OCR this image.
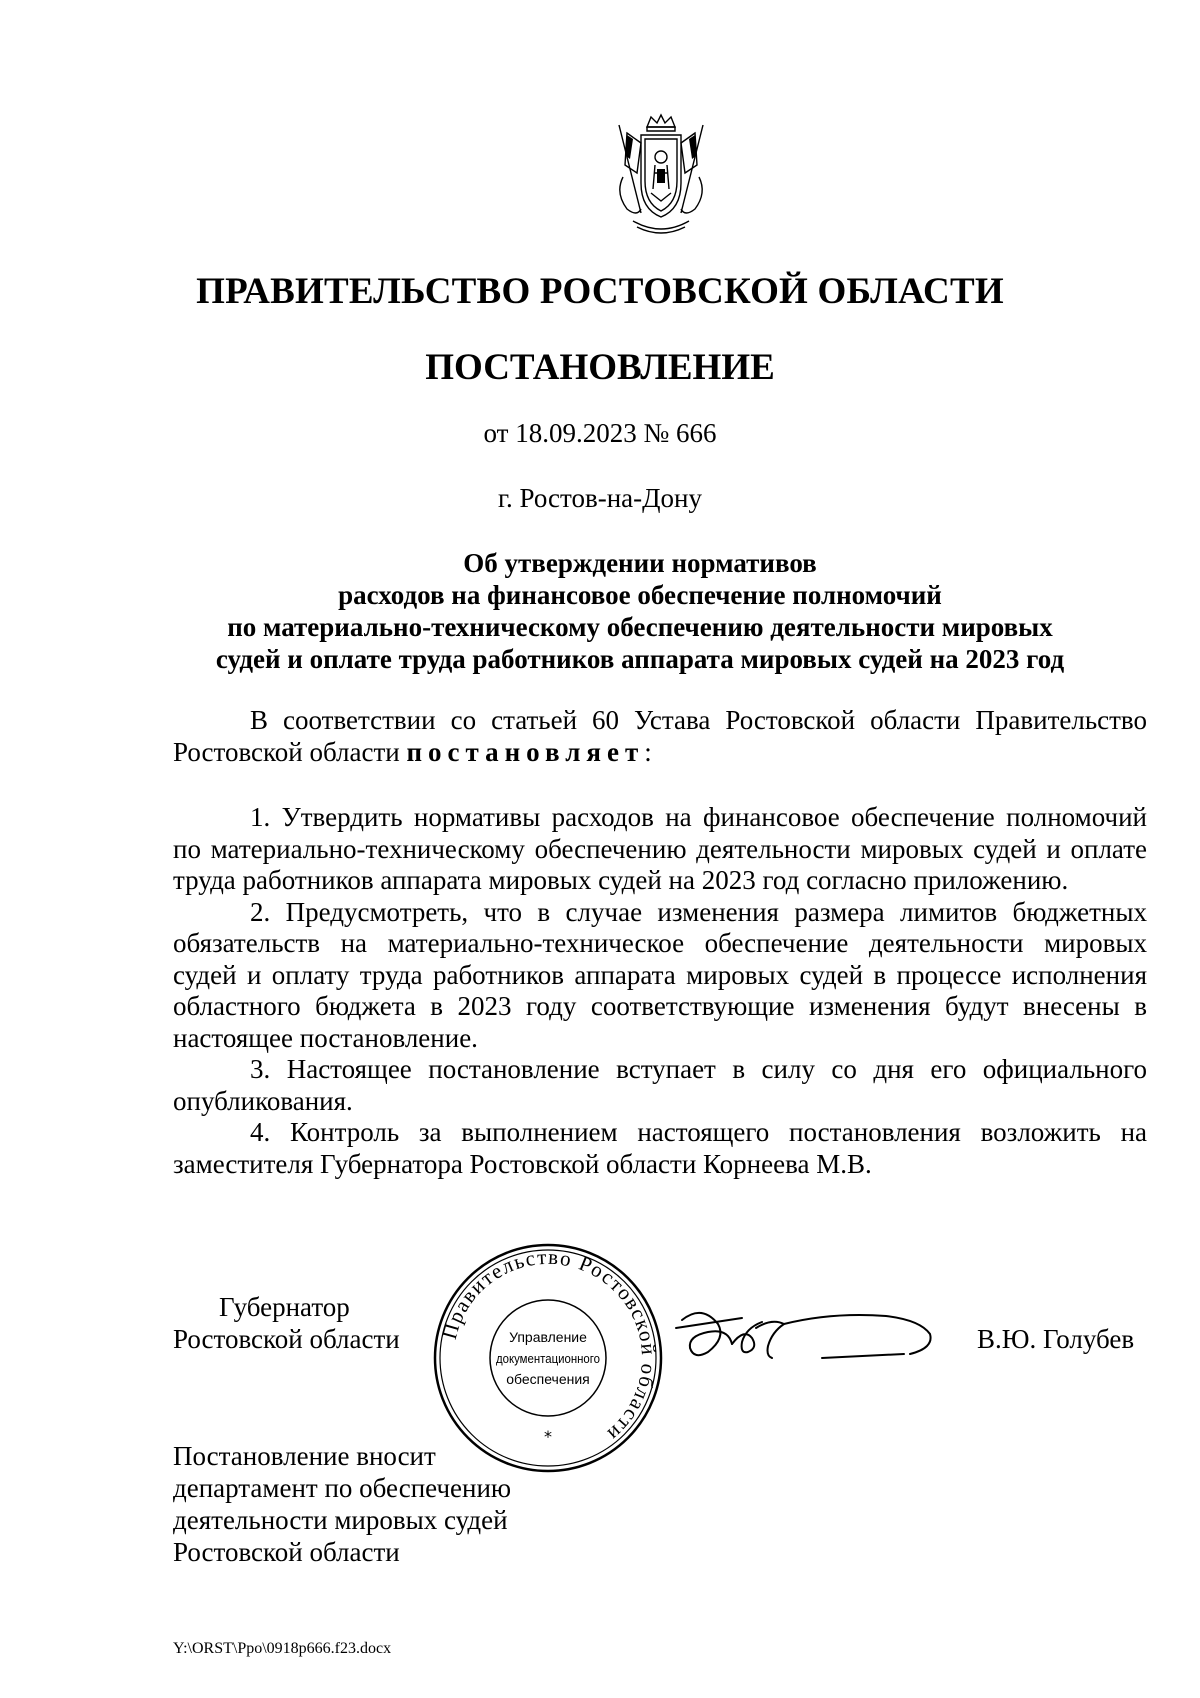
ПРАВИТЕЛЬСТВО РОСТОВСКОЙ ОБЛАСТИ
ПОСТАНОВЛЕНИЕ
от 18.09.2023 № 666
г. Ростов-на-Дону
Об утверждении нормативов
расходов на финансовое обеспечение полномочий
по материально-техническому обеспечению деятельности мировых
судей и оплате труда работников аппарата мировых судей на 2023 год
В соответствии со статьей 60 Устава Ростовской области Правительство Ростовской области постановляет:
1. Утвердить нормативы расходов на финансовое обеспечение полномочий по материально-техническому обеспечению деятельности мировых судей и оплате труда работников аппарата мировых судей на 2023 год согласно приложению.
2. Предусмотреть, что в случае изменения размера лимитов бюджетных обязательств на материально-техническое обеспечение деятельности мировых судей и оплату труда работников аппарата мировых судей в процессе исполнения областного бюджета в 2023 году соответствующие изменения будут внесены в настоящее постановление.
3. Настоящее постановление вступает в силу со дня его официального опубликования.
4. Контроль за выполнением настоящего постановления возложить на заместителя Губернатора Ростовской области Корнеева М.В.
Губернатор
Ростовской области Правительство Ростовской области
*
Управление
документационного
обеспечения
В.Ю. Голубев
Постановление вносит
департамент по обеспечению
деятельности мировых судей
Ростовской области
Y:\ORST\Ppo\0918p666.f23.docx
